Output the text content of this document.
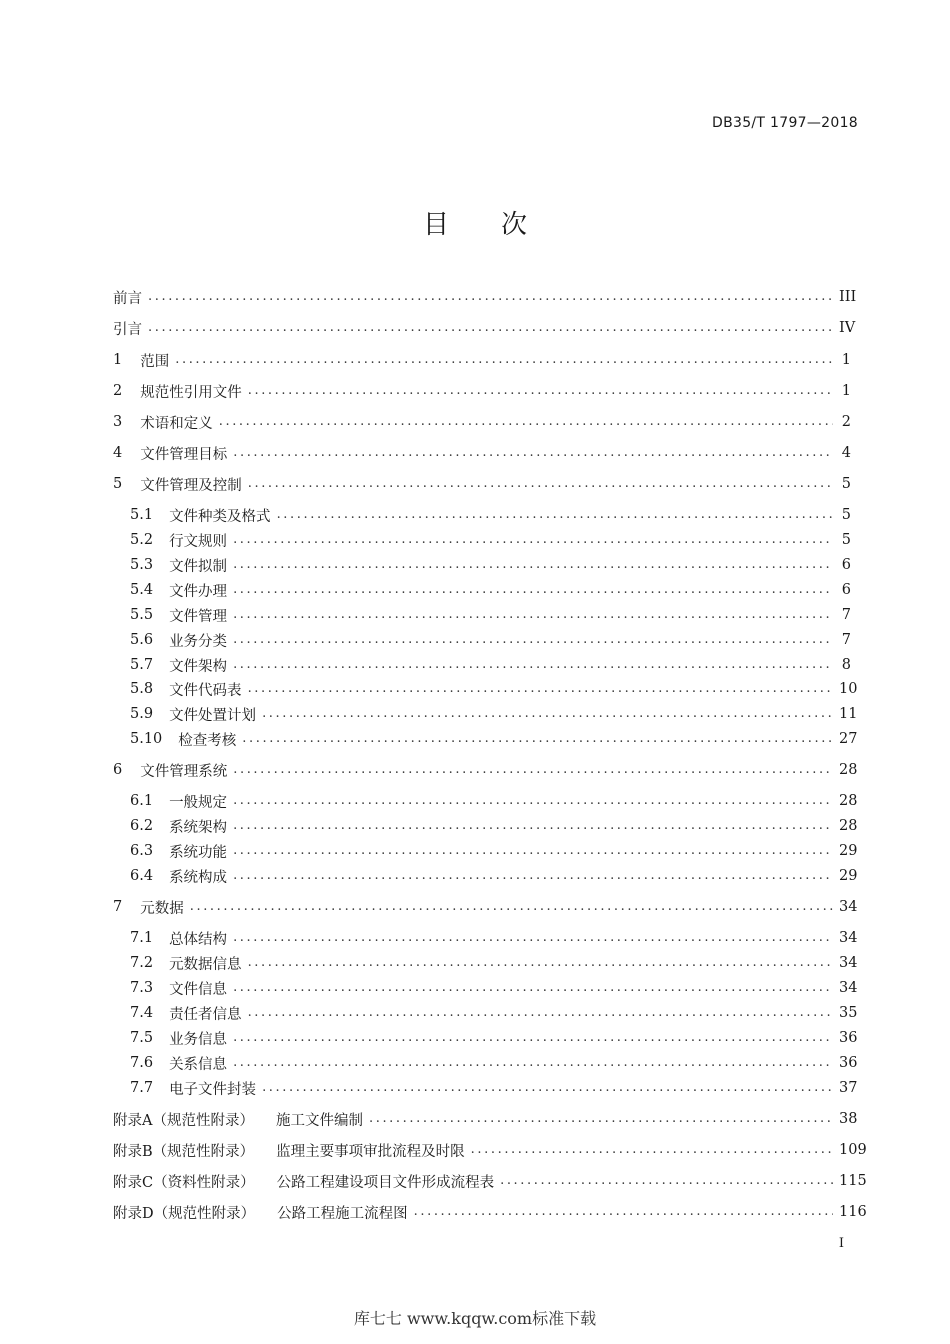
DB35/T 1797—2018
目 次
前言 .....	III
引言 .....	IV
1 范围 .....	1
2 规范性引用文件 .....	1
3 术语和定义 .....	2
4 文件管理目标 .....	4
5 文件管理及控制 .....	5
5.1 文件种类及格式 .....	5
5.2 行文规则 .....	5
5.3 文件拟制 .....	6
5.4 文件办理 .....	6
5.5 文件管理 .....	7
5.6 业务分类 .....	7
5.7 文件架构 .....	8
5.8 文件代码表 .....	10
5.9 文件处置计划 .....	11
5.10 检查考核 .....	27
6 文件管理系统 .....	28
6.1 一般规定 .....	28
6.2 系统架构 .....	28
6.3 系统功能 .....	29
6.4 系统构成 .....	29
7 元数据 .....	34
7.1 总体结构 .....	34
7.2 元数据信息 .....	34
7.3 文件信息 .....	34
7.4 责任者信息 .....	35
7.5 业务信息 .....	36
7.6 关系信息 .....	36
7.7 电子文件封装 .....	37
附录A（规范性附录） 施工文件编制 .....	38
附录B（规范性附录） 监理主要事项审批流程及时限 .....	109
附录C（资料性附录） 公路工程建设项目文件形成流程表 .....	115
附录D（规范性附录） 公路工程施工流程图 .....	116
I
库七七 www.kqqw.com标准下载
